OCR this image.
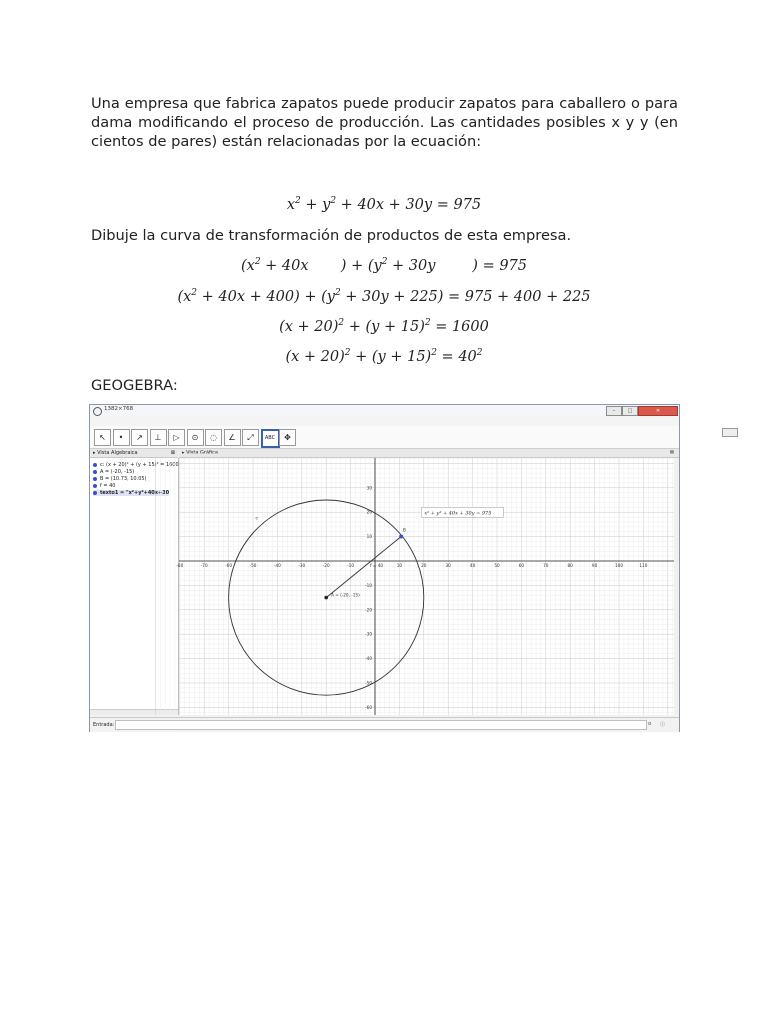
Una empresa que fabrica zapatos puede producir zapatos para caballero o para dama modificando el proceso de producción. Las cantidades posibles x y y (en cientos de pares) están relacionadas por la ecuación:
$x^2 + y^2 + 40x + 30y = 975$
Dibuje la curva de transformación de productos de esta empresa.
($x^2 + 40x$       ) + ($y^2 + 30y$        ) = 975
$(x^2 + 40x + 400) + (y^2 + 30y + 225) = 975 + 400 + 225$
$(x + 20)^2 + (y + 15)^2 = 1600$
$(x + 20)^2 + (y + 15)^2 = 40^2$
GEOGEBRA:
1382×768	–	□	✕
↖	•	↗	⊥	▷	⊙	◌	∠	⤢	ABC	✥
▸ Vista Algebraica	⊠	▸ Vista Gráfica	⊠
c: (x + 20)² + (y + 15)² = 1600
A = (-20, -15)
B = (10.73, 10.05)
f = 40
texto1 = "x²+y²+40x+30
-80	-70	-60	-50	-40	-30	-20	-10	10	20	30	40	50	60	70	80	90	100	110
30
20
10
-10
-20
-30
-40
-50
-60
c
f = 40
A = (-20, -15)
B
x² + y² + 40x + 30y = 975
Entrada:	α ⓘ
